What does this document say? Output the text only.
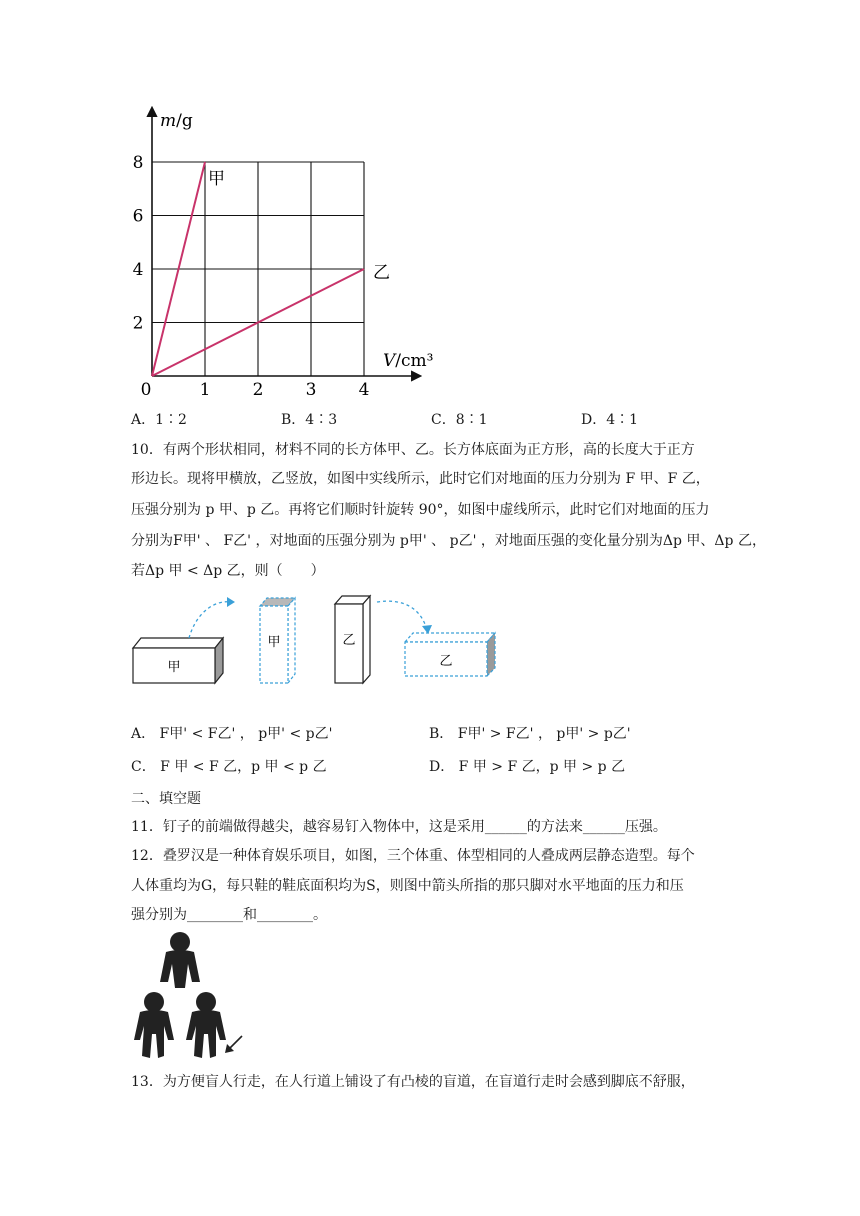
m/g
V/cm³
0
8
6
4
2
1 2 3 4
甲
乙
A．1∶2	B．4∶3	C．8∶1	D．4∶1
10．有两个形状相同，材料不同的长方体甲、乙。长方体底面为正方形，高的长度大于正方
形边长。现将甲横放，乙竖放，如图中实线所示，此时它们对地面的压力分别为 F 甲、F 乙，
压强分别为 p 甲、p 乙。再将它们顺时针旋转 90°，如图中虚线所示，此时它们对地面的压力
分别为F甲' 、 F乙' ，对地面的压强分别为 p甲' 、 p乙' ，对地面压强的变化量分别为Δp 甲、Δp 乙，
若Δp 甲 < Δp 乙，则（　　）
甲
甲	乙
乙
A． F甲' < F乙' ， p甲' < p乙'	B． F甲' > F乙' ， p甲' > p乙'
C． F 甲 < F 乙，p 甲 < p 乙	D． F 甲 > F 乙，p 甲 > p 乙
二、填空题
11．钉子的前端做得越尖，越容易钉入物体中，这是采用______的方法来______压强。
12．叠罗汉是一种体育娱乐项目，如图，三个体重、体型相同的人叠成两层静态造型。每个
人体重均为G，每只鞋的鞋底面积均为S，则图中箭头所指的那只脚对水平地面的压力和压
强分别为________和________。
13．为方便盲人行走，在人行道上铺设了有凸棱的盲道，在盲道行走时会感到脚底不舒服，
